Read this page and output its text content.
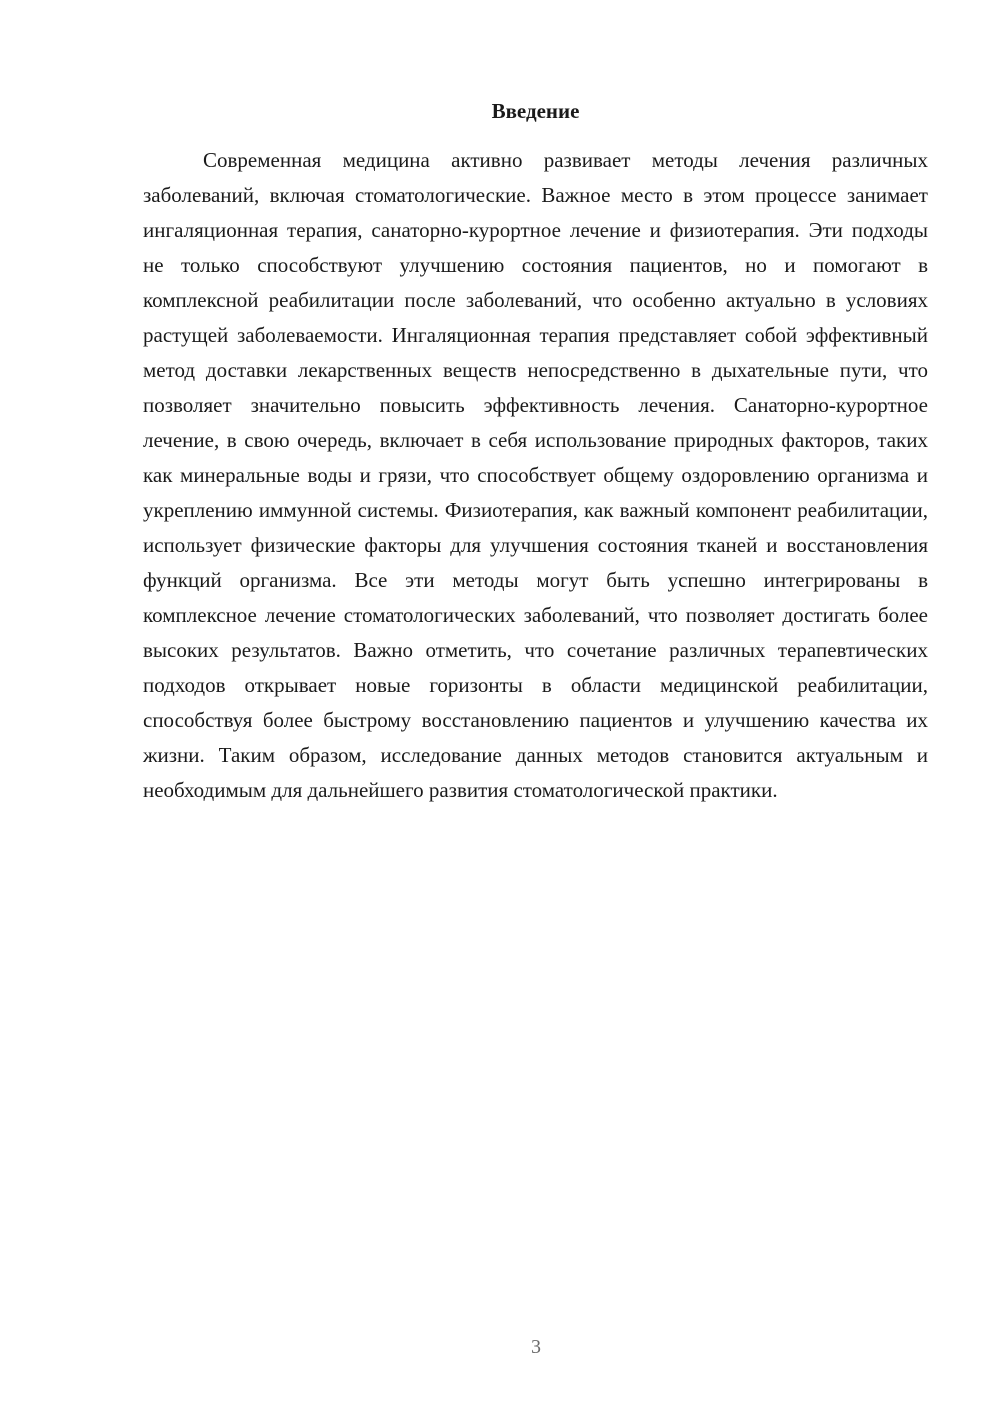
Введение

Современная медицина активно развивает методы лечения различных заболеваний, включая стоматологические. Важное место в этом процессе занимает ингаляционная терапия, санаторно-курортное лечение и физиотерапия. Эти подходы не только способствуют улучшению состояния пациентов, но и помогают в комплексной реабилитации после заболеваний, что особенно актуально в условиях растущей заболеваемости. Ингаляционная терапия представляет собой эффективный метод доставки лекарственных веществ непосредственно в дыхательные пути, что позволяет значительно повысить эффективность лечения. Санаторно-курортное лечение, в свою очередь, включает в себя использование природных факторов, таких как минеральные воды и грязи, что способствует общему оздоровлению организма и укреплению иммунной системы. Физиотерапия, как важный компонент реабилитации, использует физические факторы для улучшения состояния тканей и восстановления функций организма. Все эти методы могут быть успешно интегрированы в комплексное лечение стоматологических заболеваний, что позволяет достигать более высоких результатов. Важно отметить, что сочетание различных терапевтических подходов открывает новые горизонты в области медицинской реабилитации, способствуя более быстрому восстановлению пациентов и улучшению качества их жизни. Таким образом, исследование данных методов становится актуальным и необходимым для дальнейшего развития стоматологической практики.

3
